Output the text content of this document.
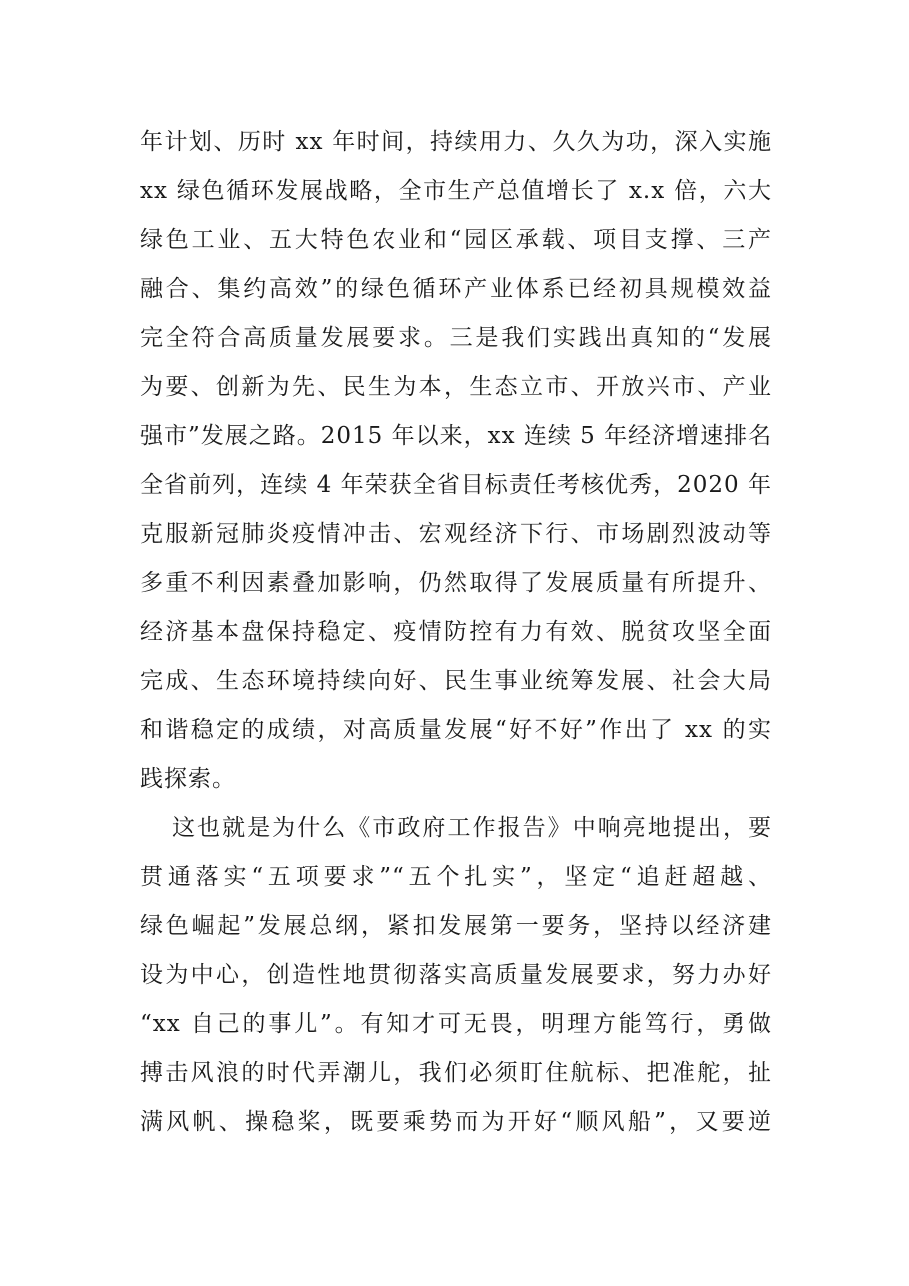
年计划、历时 xx 年时间，持续用力、久久为功，深入实施
xx 绿色循环发展战略，全市生产总值增长了 x.x 倍，六大
绿色工业、五大特色农业和“园区承载、项目支撑、三产
融合、集约高效”的绿色循环产业体系已经初具规模效益
完全符合高质量发展要求。三是我们实践出真知的“发展
为要、创新为先、民生为本，生态立市、开放兴市、产业
强市”发展之路。2015 年以来，xx 连续 5 年经济增速排名
全省前列，连续 4 年荣获全省目标责任考核优秀，2020 年
克服新冠肺炎疫情冲击、宏观经济下行、市场剧烈波动等
多重不利因素叠加影响，仍然取得了发展质量有所提升、
经济基本盘保持稳定、疫情防控有力有效、脱贫攻坚全面
完成、生态环境持续向好、民生事业统筹发展、社会大局
和谐稳定的成绩，对高质量发展“好不好”作出了 xx 的实
践探索。
这也就是为什么《市政府工作报告》中响亮地提出，要
贯通落实“五项要求”“五个扎实”，坚定“追赶超越、
绿色崛起”发展总纲，紧扣发展第一要务，坚持以经济建
设为中心，创造性地贯彻落实高质量发展要求，努力办好
“xx 自己的事儿”。有知才可无畏，明理方能笃行，勇做
搏击风浪的时代弄潮儿，我们必须盯住航标、把准舵，扯
满风帆、操稳桨，既要乘势而为开好“顺风船”，又要逆
